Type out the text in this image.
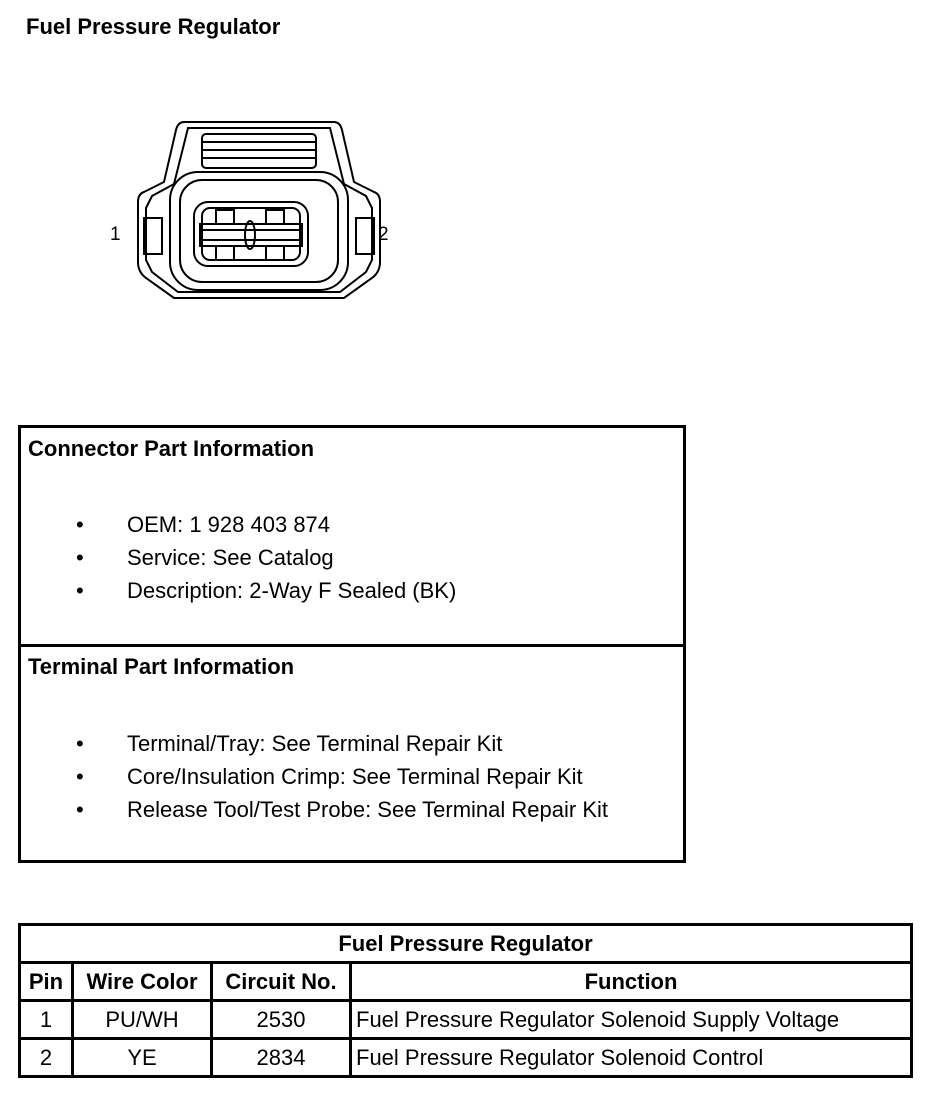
Fuel Pressure Regulator
1	2
Connector Part Information
• OEM: 1 928 403 874
• Service: See Catalog
• Description: 2-Way F Sealed (BK)
Terminal Part Information
• Terminal/Tray: See Terminal Repair Kit
• Core/Insulation Crimp: See Terminal Repair Kit
• Release Tool/Test Probe: See Terminal Repair Kit
Fuel Pressure Regulator			
Pin	Wire Color	Circuit No.	Function
1	PU/WH	2530	Fuel Pressure Regulator Solenoid Supply Voltage
2	YE	2834	Fuel Pressure Regulator Solenoid Control
